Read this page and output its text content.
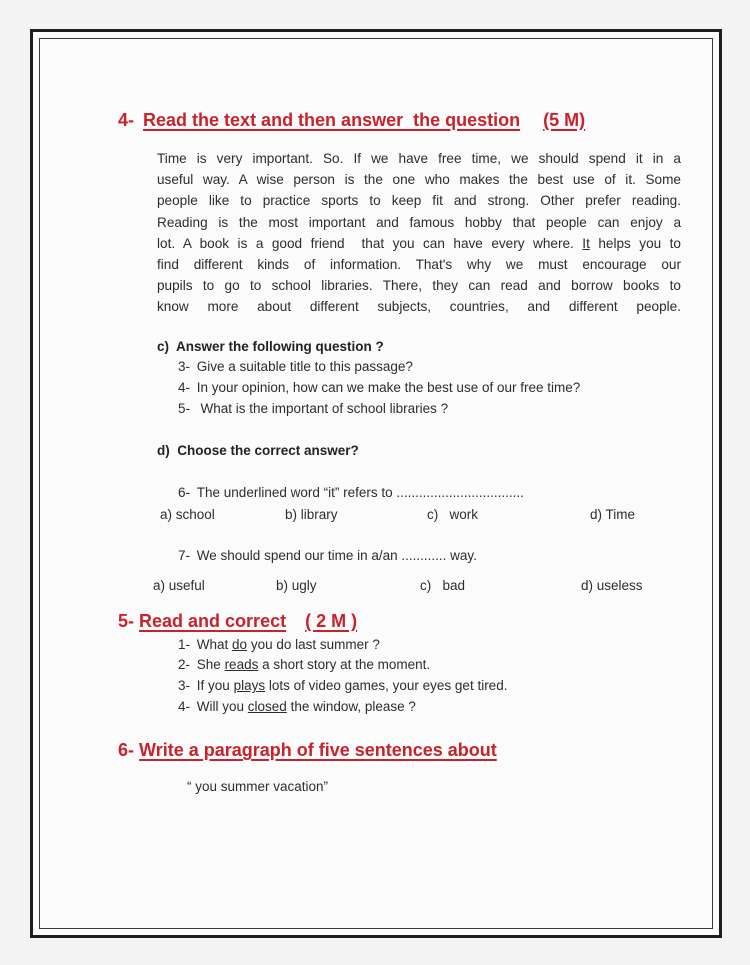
4- Read the text and then answer  the question (5 M)
Time is very important. So. If we have free time, we should spend it in a
useful way. A wise person is the one who makes the best use of it. Some
people like to practice sports to keep fit and strong. Other prefer reading.
Reading is the most important and famous hobby that people can enjoy a
lot. A book is a good friend  that you can have every where. It helps you to
find different kinds of information. That's why we must encourage our
pupils to go to school libraries. There, they can read and borrow books to
know more about different subjects, countries, and different people.
c)  Answer the following question ?
3- Give a suitable title to this passage?
4- In your opinion, how can we make the best use of our free time?
5-  What is the important of school libraries ?
d)  Choose the correct answer?
6- The underlined word “it” refers to ..................................
a) school	b) library	c)   work	d) Time
7- We should spend our time in a/an ............ way.
a) useful	b) ugly	c)   bad	d) useless
5- Read and correct ( 2 M )
1- What do you do last summer ?
2- She reads a short story at the moment.
3- If you plays lots of video games, your eyes get tired.
4- Will you closed the window, please ?
6- Write a paragraph of five sentences about
“ you summer vacation”
